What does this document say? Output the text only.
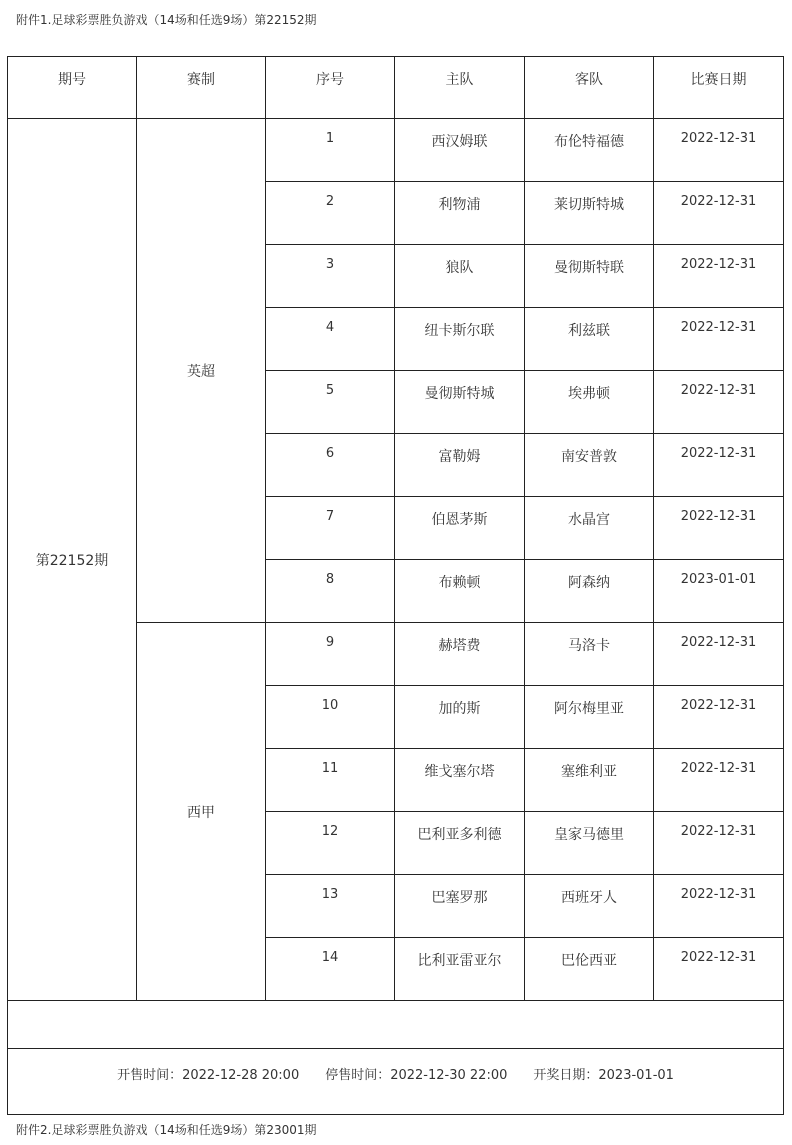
附件1.足球彩票胜负游戏（14场和任选9场）第22152期
期号	赛制	序号	主队	客队	比赛日期
第22152期	英超	1	西汉姆联	布伦特福德	2022-12-31
		2	利物浦	莱切斯特城	2022-12-31
		3	狼队	曼彻斯特联	2022-12-31
		4	纽卡斯尔联	利兹联	2022-12-31
		5	曼彻斯特城	埃弗顿	2022-12-31
		6	富勒姆	南安普敦	2022-12-31
		7	伯恩茅斯	水晶宫	2022-12-31
		8	布赖顿	阿森纳	2023-01-01
	西甲	9	赫塔费	马洛卡	2022-12-31
		10	加的斯	阿尔梅里亚	2022-12-31
		11	维戈塞尔塔	塞维利亚	2022-12-31
		12	巴利亚多利德	皇家马德里	2022-12-31
		13	巴塞罗那	西班牙人	2022-12-31
		14	比利亚雷亚尔	巴伦西亚	2022-12-31

开售时间：2022-12-28 20:00 停售时间：2022-12-30 22:00 开奖日期：2023-01-01					
附件2.足球彩票胜负游戏（14场和任选9场）第23001期
